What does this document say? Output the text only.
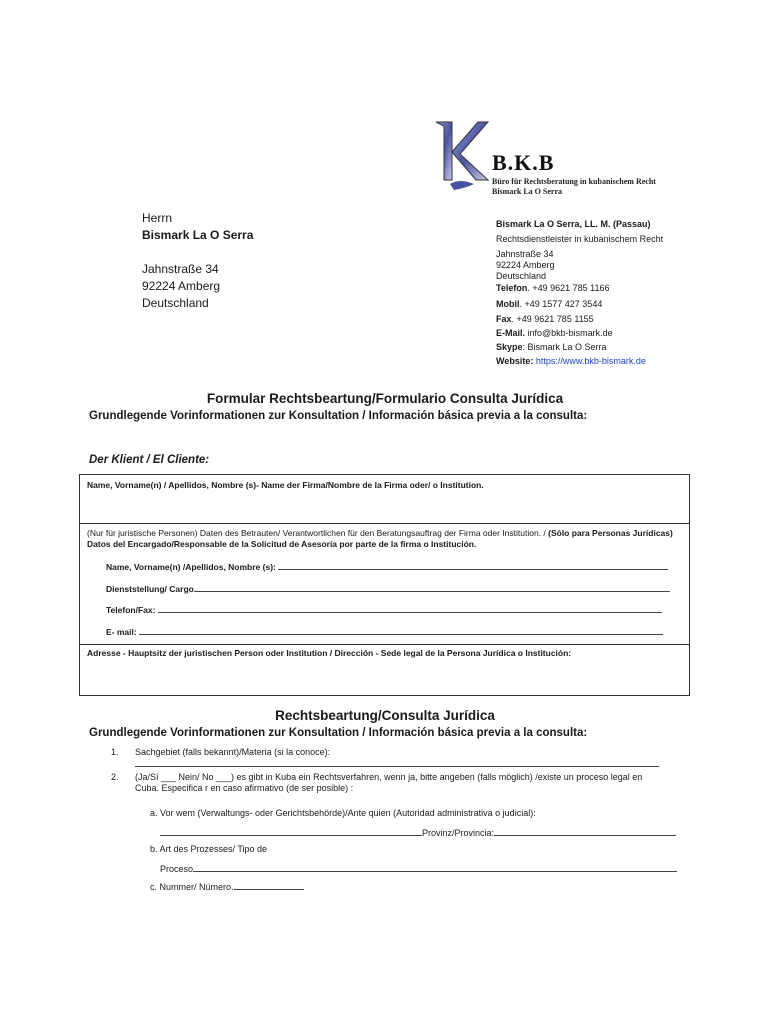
B.K.B
Büro für Rechtsberatung in kubanischem Recht
Bismark La O Serra
Herrn
Bismark La O Serra
Jahnstraße 34
92224 Amberg
Deutschland
Bismark La O Serra, LL. M. (Passau)
Rechtsdienstleister in kubanischem Recht
Jahnstraße 34
92224 Amberg
Deutschland
Telefon. +49 9621 785 1166
Mobil. +49 1577 427 3544
Fax. +49 9621 785 1155
E-Mail. info@bkb-bismark.de
Skype: Bismark La O Serra
Website: https://www.bkb-bismark.de
Formular Rechtsbeartung/Formulario Consulta Jurídica
Grundlegende Vorinformationen zur Konsultation / Información básica previa a la consulta:
Der Klient / El Cliente:
Name, Vorname(n) / Apellidos, Nombre (s)- Name der Firma/Nombre de la Firma oder/ o Institution.
(Nur für juristische Personen) Daten des Betrauten/ Verantwortlichen für den Beratungsauftrag der Firma oder Institution. / (Sólo para Personas Jurídicas)
Datos del Encargado/Responsable de la Solicitud de Asesoría por parte de la firma o Institución.
Name, Vorname(n) /Apellidos, Nombre (s):
Dienststellung/ Cargo
Telefon/Fax:
E- mail:
Adresse - Hauptsitz der juristischen Person oder Institution / Dirección - Sede legal de la Persona Jurídica o Institución:
Rechtsbeartung/Consulta Jurídica
Grundlegende Vorinformationen zur Konsultation / Información básica previa a la consulta:
1. Sachgebiet (falls bekannt)/Materia (si la conoce):
2. (Ja/Sí ___ Nein/ No ___) es gibt in Kuba ein Rechtsverfahren, wenn ja, bitte angeben (falls möglich) /existe un proceso legal en
Cuba. Especifica r en caso afirmativo (de ser posible) :
a. Vor wem (Verwaltungs- oder Gerichtsbehörde)/Ante quien (Autoridad administrativa o judicial):
Provinz/Provincia:
b. Art des Prozesses/ Tipo de
Proceso
c. Nummer/ Número.
